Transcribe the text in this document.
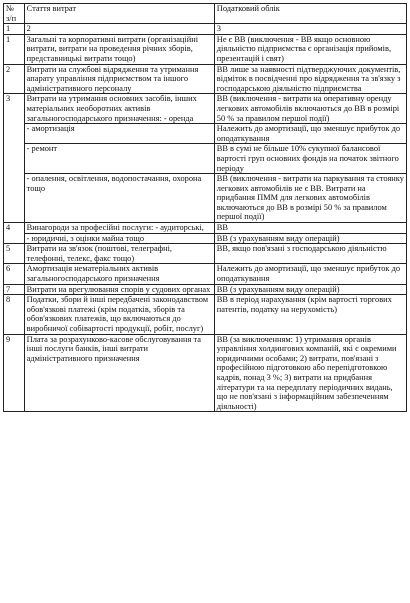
№ з/п	Стаття витрат	Податковий облік
1	2	3
1	Загальні та корпоративні витрати (організаційні витрати, витрати на проведення річних зборів, представницькі витрати тощо)	Не є ВВ (виключення - ВВ якщо основною діяльністю підприємства є організація прийомів, презентацій і свят)
2	Витрати на службові відрядження та утримання апарату управління підприємством та іншого адміністративного персоналу	ВВ лише за наявності підтверджуючих документів, відміток в посвідченні про відрядження та зв'язку з господарською діяльністю підприємства
3	Витрати на утримання основних засобів, інших матеріальних необоротних активів загальногосподарського призначення: - оренда	ВВ (виключення - витрати на оперативну оренду легкових автомобілів включаються до ВВ в розмірі 50 % за правилом першої події)
	- амортизація	Належить до амортизації, що зменшує прибуток до оподаткування
	- ремонт	ВВ в сумі не більше 10% сукупної балансової вартості груп основних фондів на початок звітного періоду
	- опалення, освітлення, водопостачання, охорона тощо	ВВ (виключення - витрати на паркування та стоянку легкових автомобілів не є ВВ. Витрати на придбання ПММ для легкових автомобілів включаються до ВВ в розмірі 50 % за правилом першої події)
4	Винагороди за професійні послуги: - аудиторські,	ВВ
	- юридичні, з оцінки майна тощо	ВВ (з урахуванням виду операцій)
5	Витрати на зв'язок (поштові, телеграфні, телефонні, телекс, факс тощо)	ВВ, якщо пов'язані з господарською діяльністю
6	Амортизація нематеріальних активів загальногосподарського призначення	Належить до амортизації, що зменшує прибуток до оподаткування
7	Витрати на врегулювання спорів у судових органах	ВВ (з урахуванням виду операцій)
8	Податки, збори й інші передбачені законодавством обов'язкові платежі (крім податків, зборів та обов'язкових платежів, що включаються до виробничої собівартості продукції, робіт, послуг)	ВВ в період нарахування (крім вартості торгових патентів, податку на нерухомість)
9	Плата за розрахунково-касове обслуговування та інші послуги банків, інші витрати адміністративного призначення	ВВ (за виключенням: 1) утримання органів управління холдингових компаній, які є окремими юридичними особами; 2) витрати, пов'язані з професійною підготовкою або перепідготовкою кадрів, понад 3 %; 3) витрати на придбання літератури та на передплату періодичних видань, що не пов'язані з інформаційним забезпеченням діяльності)
